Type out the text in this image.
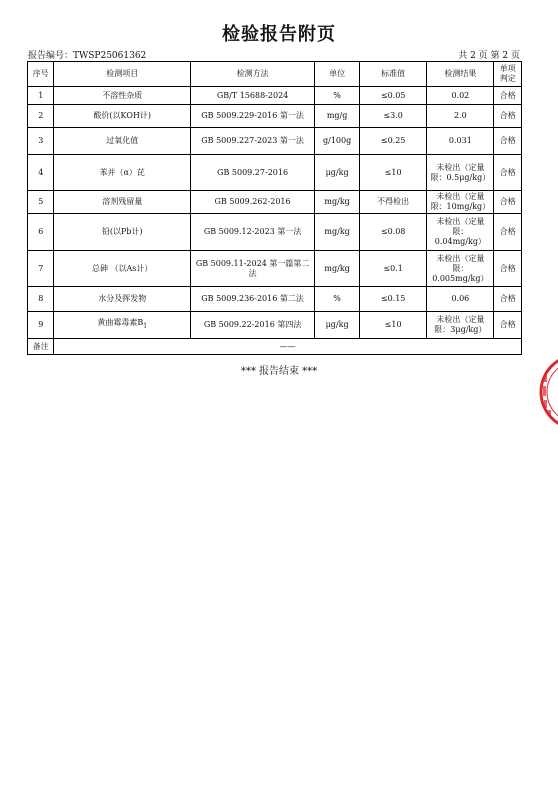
检验报告附页
报告编号：TWSP25061362	共 2 页 第 2 页
序号	检测项目	检测方法	单位	标准值	检测结果	单项判定
1	不溶性杂质	GB/T 15688-2024	%	≤0.05	0.02	合格
2	酸价(以KOH计)	GB 5009.229-2016 第一法	mg/g	≤3.0	2.0	合格
3	过氧化值	GB 5009.227-2023 第一法	g/100g	≤0.25	0.031	合格
4	苯并（α）芘	GB 5009.27-2016	μg/kg	≤10	未检出（定量限：0.5μg/kg）	合格
5	溶剂残留量	GB 5009.262-2016	mg/kg	不得检出	未检出（定量限：10mg/kg）	合格
6	铅(以Pb计)	GB 5009.12-2023 第一法	mg/kg	≤0.08	未检出（定量限：0.04mg/kg）	合格
7	总砷 （以As计）	GB 5009.11-2024 第一篇第二法	mg/kg	≤0.1	未检出（定量限：0.005mg/kg）	合格
8	水分及挥发物	GB 5009.236-2016 第二法	%	≤0.15	0.06	合格
9	黄曲霉毒素$B_1$	GB 5009.22-2016 第四法	μg/kg	≤10	未检出（定量限：3μg/kg）	合格
备注	——					
*** 报告结束 ***
